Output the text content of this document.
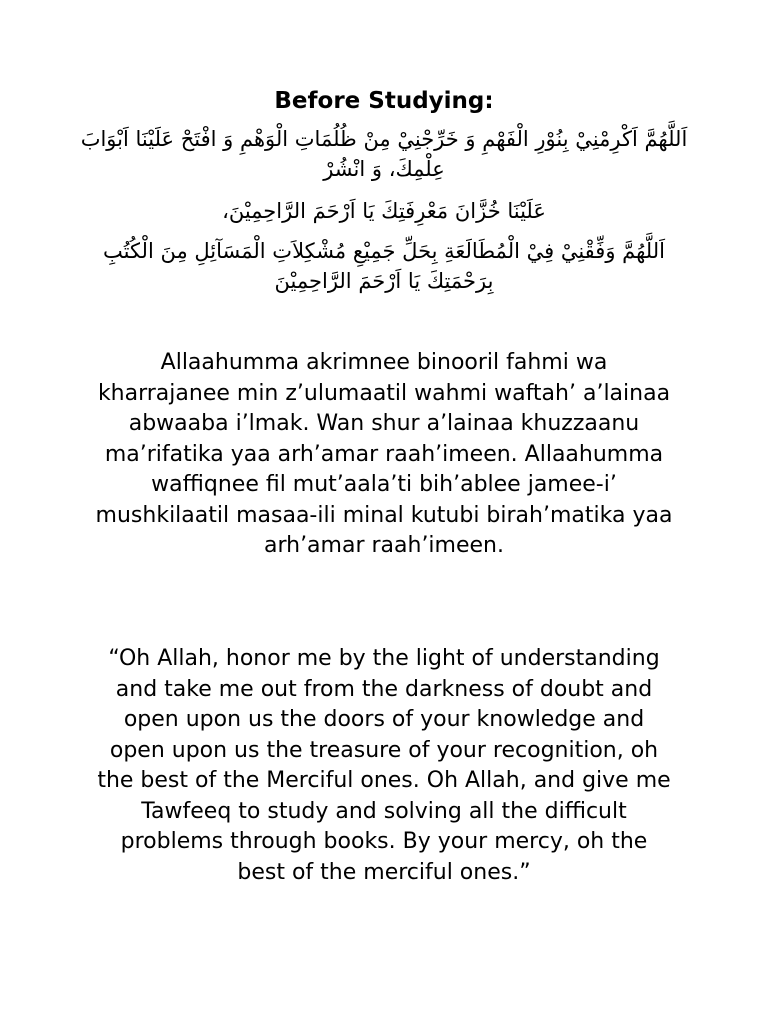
Before Studying:
اَللَّهُمَّ اَكْرِمْنِيْ بِنُوْرِ الْفَهْمِ وَ خَرِّجْنِيْ مِنْ ظُلُمَاتِ الْوَهْمِ وَ افْتَحْ عَلَيْنَا اَبْوَابَ عِلْمِكَ، وَ انْشُرْ
عَلَيْنَا خُزَّانَ مَعْرِفَتِكَ يَا اَرْحَمَ الرَّاحِمِيْنَ،
اَللَّهُمَّ وَفِّقْنِيْ فِيْ الْمُطَالَعَةِ بِحَلِّ جَمِيْعِ مُشْكِلاَتِ الْمَسَآئِلِ مِنَ الْكُتُبِ بِرَحْمَتِكَ يَا اَرْحَمَ الرَّاحِمِيْنَ
Allaahumma akrimnee binooril fahmi wa kharrajanee min z’ulumaatil wahmi waftah’ a’lainaa abwaaba i’lmak. Wan shur a’lainaa khuzzaanu ma’rifatika yaa arh’amar raah’imeen. Allaahumma waffiqnee fil mut’aala’ti bih’ablee jamee-i’ mushkilaatil masaa-ili minal kutubi birah’matika yaa arh’amar raah’imeen.
“Oh Allah, honor me by the light of understanding and take me out from the darkness of doubt and open upon us the doors of your knowledge and open upon us the treasure of your recognition, oh the best of the Merciful ones. Oh Allah, and give me Tawfeeq to study and solving all the difficult problems through books. By your mercy, oh the best of the merciful ones.”
